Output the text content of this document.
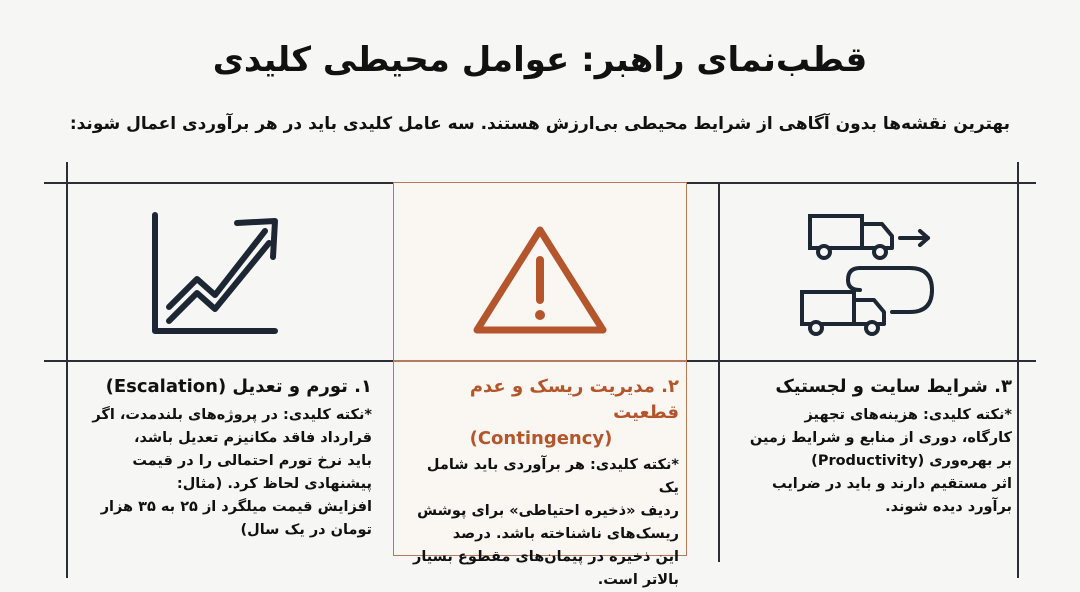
قطب‌نمای راهبر: عوامل محیطی کلیدی
بهترین نقشه‌ها بدون آگاهی از شرایط محیطی بی‌ارزش هستند. سه عامل کلیدی باید در هر برآوردی اعمال شوند:

۱. تورم و تعدیل (Escalation)

*نکته کلیدی: در پروژه‌های بلندمدت، اگر

قرارداد فاقد مکانیزم تعدیل باشد،

باید نرخ تورم احتمالی را در قیمت

پیشنهادی لحاظ کرد. (مثال:

افزایش قیمت میلگرد از ۲۵ به ۳۵ هزار

تومان در یک سال)

۲. مدیریت ریسک و عدم قطعیت

(Contingency)

*نکته کلیدی: هر برآوردی باید شامل یک

ردیف «ذخیره احتیاطی» برای پوشش

ریسک‌های ناشناخته باشد. درصد

این ذخیره در پیمان‌های مقطوع بسیار

بالاتر است.

۳. شرایط سایت و لجستیک

*نکته کلیدی: هزینه‌های تجهیز

کارگاه، دوری از منابع و شرایط زمین

بر بهره‌وری (Productivity)

اثر مستقیم دارند و باید در ضرایب

برآورد دیده شوند.
